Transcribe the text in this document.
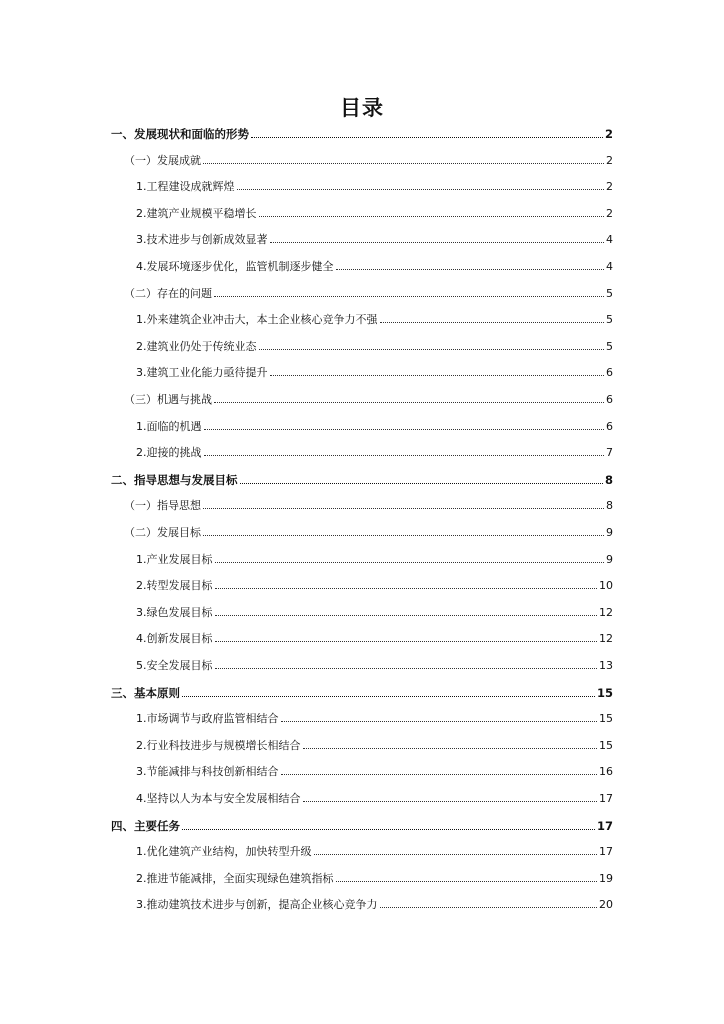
目录
一、发展现状和面临的形势	2
（一）发展成就	2
1.工程建设成就辉煌	2
2.建筑产业规模平稳增长	2
3.技术进步与创新成效显著	4
4.发展环境逐步优化，监管机制逐步健全	4
（二）存在的问题	5
1.外来建筑企业冲击大，本土企业核心竞争力不强	5
2.建筑业仍处于传统业态	5
3.建筑工业化能力亟待提升	6
（三）机遇与挑战	6
1.面临的机遇	6
2.迎接的挑战	7
二、指导思想与发展目标	8
（一）指导思想	8
（二）发展目标	9
1.产业发展目标	9
2.转型发展目标	10
3.绿色发展目标	12
4.创新发展目标	12
5.安全发展目标	13
三、基本原则	15
1.市场调节与政府监管相结合	15
2.行业科技进步与规模增长相结合	15
3.节能减排与科技创新相结合	16
4.坚持以人为本与安全发展相结合	17
四、主要任务	17
1.优化建筑产业结构，加快转型升级	17
2.推进节能减排，全面实现绿色建筑指标	19
3.推动建筑技术进步与创新，提高企业核心竞争力	20
